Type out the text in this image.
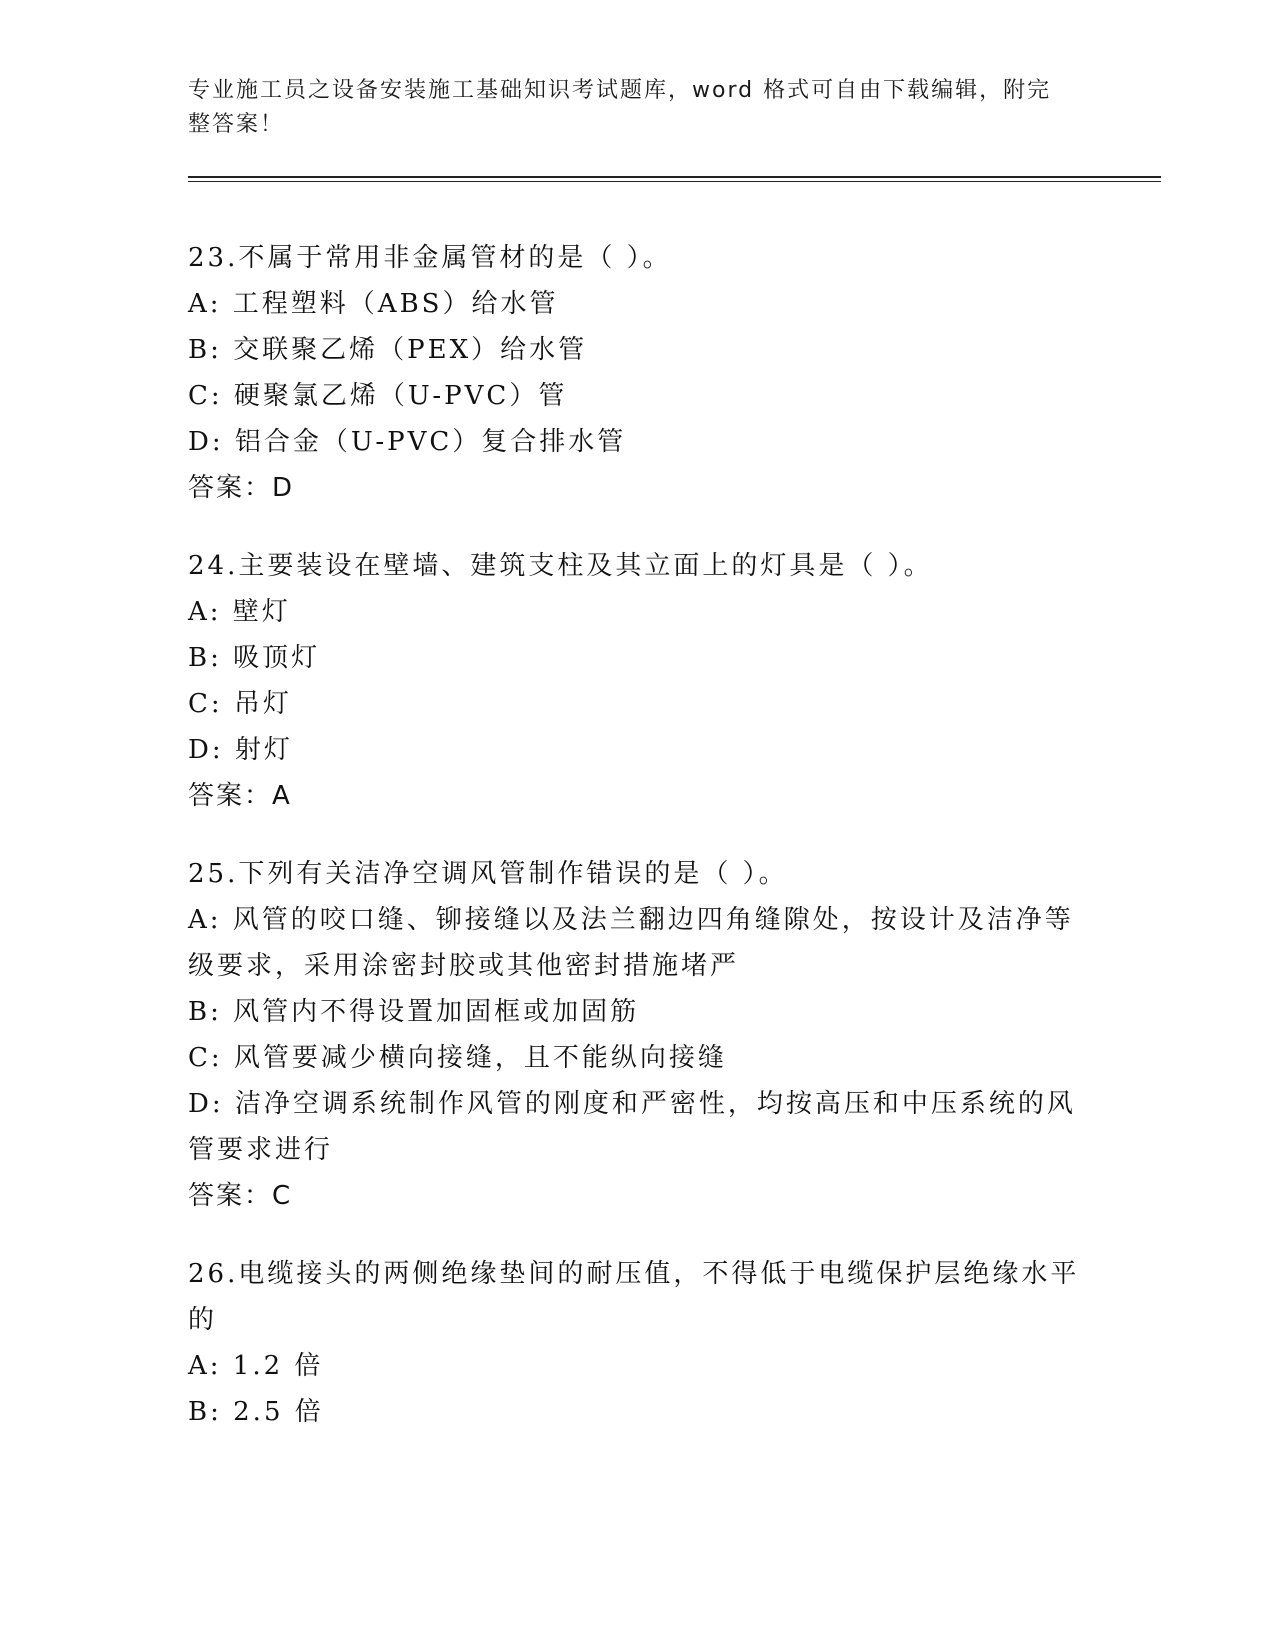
专业施工员之设备安装施工基础知识考试题库，word 格式可自由下载编辑，附完整答案！
23.不属于常用非金属管材的是（ ）。
A: 工程塑料（ABS）给水管
B: 交联聚乙烯（PEX）给水管
C: 硬聚氯乙烯（U-PVC）管
D: 铝合金（U-PVC）复合排水管
答案：D
24.主要装设在壁墙、建筑支柱及其立面上的灯具是（ ）。
A: 壁灯
B: 吸顶灯
C: 吊灯
D: 射灯
答案：A
25.下列有关洁净空调风管制作错误的是（ ）。
A: 风管的咬口缝、铆接缝以及法兰翻边四角缝隙处，按设计及洁净等级要求，采用涂密封胶或其他密封措施堵严
B: 风管内不得设置加固框或加固筋
C: 风管要减少横向接缝，且不能纵向接缝
D: 洁净空调系统制作风管的刚度和严密性，均按高压和中压系统的风管要求进行
答案：C
26.电缆接头的两侧绝缘垫间的耐压值，不得低于电缆保护层绝缘水平的
A: 1.2 倍
B: 2.5 倍
